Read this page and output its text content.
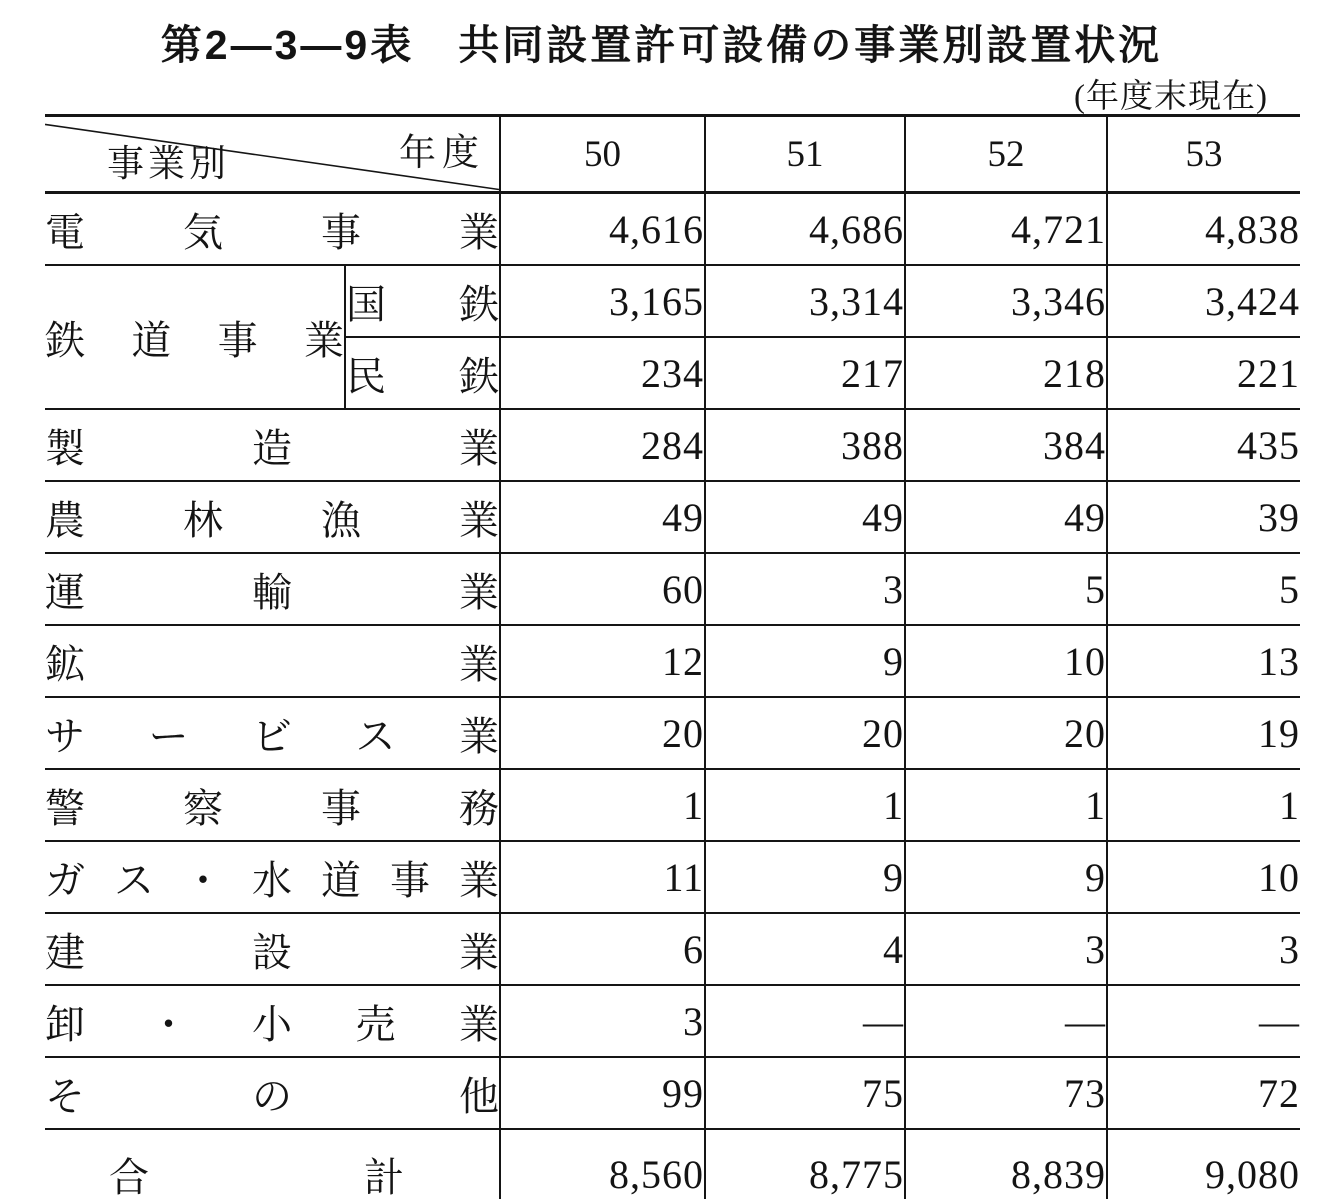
第2—3—9表　共同設置許可設備の事業別設置状況
(年度末現在)
年度
事業別		50	51	52	53

電気事業		4,616	4,686	4,721	4,838

鉄道事業	国鉄	3,165	3,314	3,346	3,424

	民鉄	234	217	218	221

製造業		284	388	384	435

農林漁業		49	49	49	39

運輸業		60	3	5	5

鉱業		12	9	10	13

サービス業		20	20	20	19

警察事務		1	1	1	1

ガス・水道事業		11	9	9	10

建設業		6	4	3	3

卸・小売業		3	—	—	—

その他		99	75	73	72

合計		8,560	8,775	8,839	9,080
